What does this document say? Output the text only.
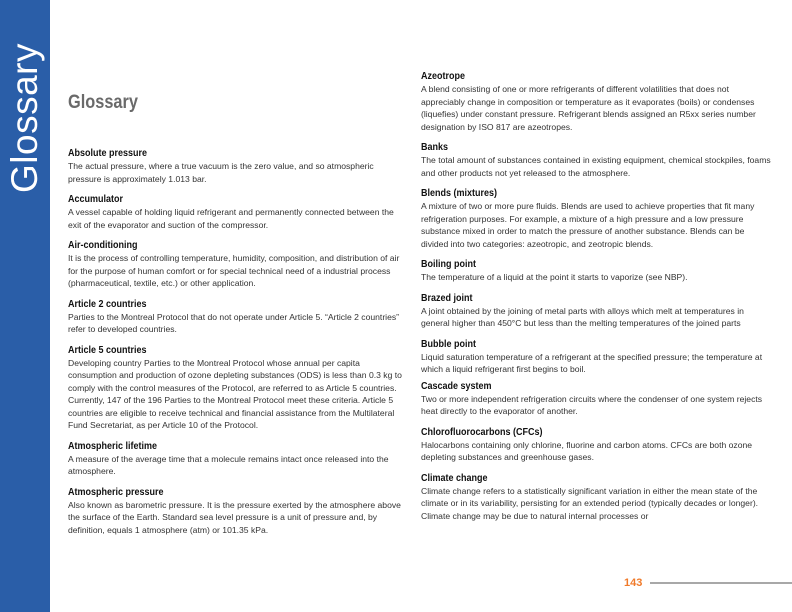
Glossary Glossary
Absolute pressure

The actual pressure, where a true vacuum is the zero value, and so atmospheric pressure is approximately 1.013 bar.

Accumulator

A vessel capable of holding liquid refrigerant and permanently connected between the exit of the evaporator and suction of the compressor.

Air-conditioning

It is the process of controlling temperature, humidity, composition, and distribution of air for the purpose of human comfort or for special technical need of a industrial process (pharmaceutical, textile, etc.) or other application.

Article 2 countries

Parties to the Montreal Protocol that do not operate under Article 5. “Article 2 countries” refer to developed countries.

Article 5 countries

Developing country Parties to the Montreal Protocol whose annual per capita consumption and production of ozone depleting substances (ODS) is less than 0.3 kg to comply with the control measures of the Protocol, are referred to as Article 5 countries. Currently, 147 of the 196 Parties to the Montreal Protocol meet these criteria. Article 5 countries are eligible to receive technical and financial assistance from the Multilateral Fund Secretariat, as per Article 10 of the Protocol.

Atmospheric lifetime

A measure of the average time that a molecule remains intact once released into the atmosphere.

Atmospheric pressure

Also known as barometric pressure. It is the pressure exerted by the atmosphere above the surface of the Earth. Standard sea level pressure is a unit of pressure and, by definition, equals 1 atmosphere (atm) or 101.35 kPa.

Azeotrope

A blend consisting of one or more refrigerants of different volatilities that does not appreciably change in composition or temperature as it evaporates (boils) or condenses (liquefies) under constant pressure. Refrigerant blends assigned an R5xx series number designation by ISO 817 are azeotropes.

Banks

The total amount of substances contained in existing equipment, chemical stockpiles, foams and other products not yet released to the atmosphere.

Blends (mixtures)

A mixture of two or more pure fluids. Blends are used to achieve properties that fit many refrigeration purposes. For example, a mixture of a high pressure and a low pressure substance mixed in order to match the pressure of another substance. Blends can be divided into two categories: azeotropic, and zeotropic blends.

Boiling point

The temperature of a liquid at the point it starts to vaporize (see NBP).

Brazed joint

A joint obtained by the joining of metal parts with alloys which melt at temperatures in general higher than 450°C but less than the melting temperatures of the joined parts

Bubble point

Liquid saturation temperature of a refrigerant at the specified pressure; the temperature at which a liquid refrigerant first begins to boil.

Cascade system

Two or more independent refrigeration circuits where the condenser of one system rejects heat directly to the evaporator of another.

Chlorofluorocarbons (CFCs)

Halocarbons containing only chlorine, fluorine and carbon atoms. CFCs are both ozone depleting substances and greenhouse gases.

Climate change

Climate change refers to a statistically significant variation in either the mean state of the climate or in its variability, persisting for an extended period (typically decades or longer). Climate change may be due to natural internal processes or

143
